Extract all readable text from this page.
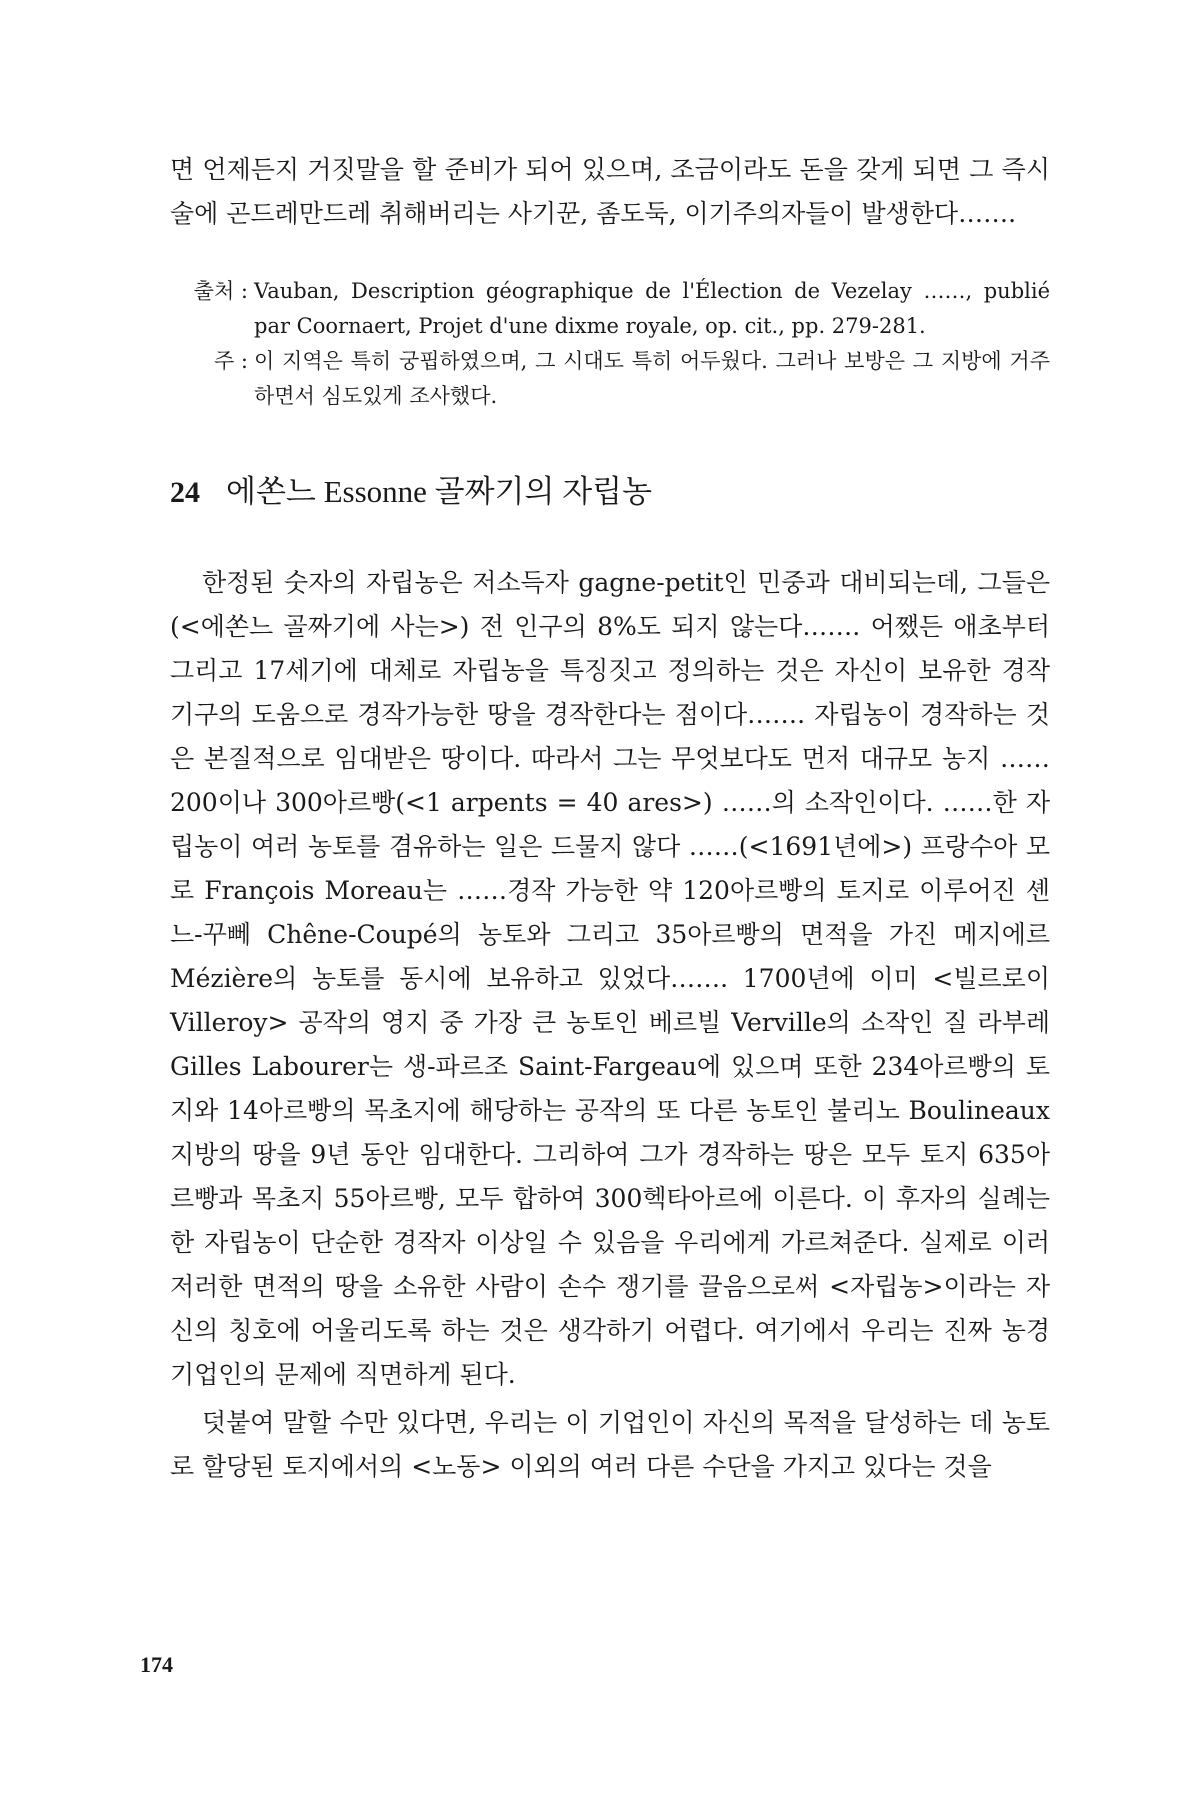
면 언제든지 거짓말을 할 준비가 되어 있으며, 조금이라도 돈을 갖게 되면 그 즉시 술에 곤드레만드레 취해버리는 사기꾼, 좀도둑, 이기주의자들이 발생한다…….

출처 : Vauban, Description géographique de l'Élection de Vezelay ……, publié par Coornaert, Projet d'une dixme royale, op. cit., pp. 279-281.
주 : 이 지역은 특히 궁핍하였으며, 그 시대도 특히 어두웠다. 그러나 보방은 그 지방에 거주하면서 심도있게 조사했다.
24 에쏜느 Essonne 골짜기의 자립농

한정된 숫자의 자립농은 저소득자 gagne-petit인 민중과 대비되는데, 그들은 (<에쏜느 골짜기에 사는>) 전 인구의 8%도 되지 않는다……. 어쨌든 애초부터 그리고 17세기에 대체로 자립농을 특징짓고 정의하는 것은 자신이 보유한 경작 기구의 도움으로 경작가능한 땅을 경작한다는 점이다……. 자립농이 경작하는 것은 본질적으로 임대받은 땅이다. 따라서 그는 무엇보다도 먼저 대규모 농지 ……200이나 300아르빵(<1 arpents = 40 ares>) ……의 소작인이다. ……한 자립농이 여러 농토를 겸유하는 일은 드물지 않다 ……(<1691년에>) 프랑수아 모로 François Moreau는 ……경작 가능한 약 120아르빵의 토지로 이루어진 셴느-꾸뻬 Chêne-Coupé의 농토와 그리고 35아르빵의 면적을 가진 메지에르 Mézière의 농토를 동시에 보유하고 있었다……. 1700년에 이미 <빌르로이 Villeroy> 공작의 영지 중 가장 큰 농토인 베르빌 Verville의 소작인 질 라부레 Gilles Labourer는 생-파르조 Saint-Fargeau에 있으며 또한 234아르빵의 토지와 14아르빵의 목초지에 해당하는 공작의 또 다른 농토인 불리노 Boulineaux 지방의 땅을 9년 동안 임대한다. 그리하여 그가 경작하는 땅은 모두 토지 635아르빵과 목초지 55아르빵, 모두 합하여 300헥타아르에 이른다. 이 후자의 실례는 한 자립농이 단순한 경작자 이상일 수 있음을 우리에게 가르쳐준다. 실제로 이러저러한 면적의 땅을 소유한 사람이 손수 쟁기를 끌음으로써 <자립농>이라는 자신의 칭호에 어울리도록 하는 것은 생각하기 어렵다. 여기에서 우리는 진짜 농경 기업인의 문제에 직면하게 된다.

덧붙여 말할 수만 있다면, 우리는 이 기업인이 자신의 목적을 달성하는 데 농토로 할당된 토지에서의 <노동> 이외의 여러 다른 수단을 가지고 있다는 것을

174
